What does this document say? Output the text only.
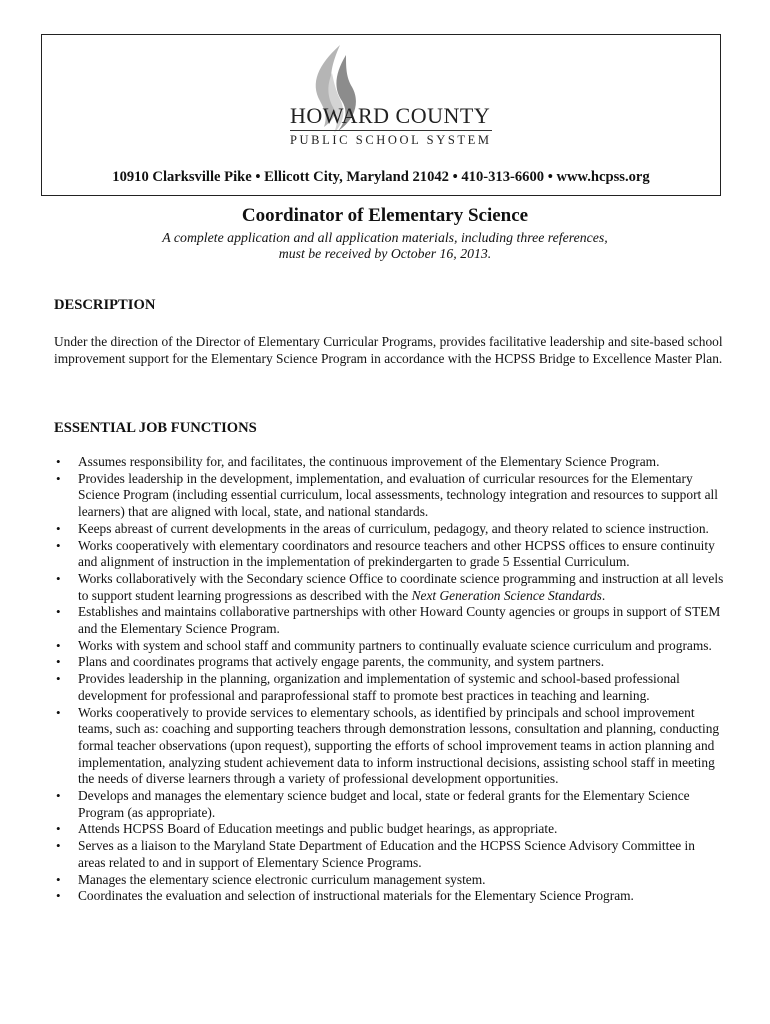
HOWARD COUNTY
PUBLIC SCHOOL SYSTEM
10910 Clarksville Pike • Ellicott City, Maryland 21042 • 410-313-6600 • www.hcpss.org
Coordinator of Elementary Science
A complete application and all application materials, including three references,
must be received by October 16, 2013.
DESCRIPTION
Under the direction of the Director of Elementary Curricular Programs, provides facilitative leadership and site-based school improvement support for the Elementary Science Program in accordance with the HCPSS Bridge to Excellence Master Plan.
ESSENTIAL JOB FUNCTIONS
• Assumes responsibility for, and facilitates, the continuous improvement of the Elementary Science Program.
• Provides leadership in the development, implementation, and evaluation of curricular resources for the Elementary Science Program (including essential curriculum, local assessments, technology integration and resources to support all learners) that are aligned with local, state, and national standards.
• Keeps abreast of current developments in the areas of curriculum, pedagogy, and theory related to science instruction.
• Works cooperatively with elementary coordinators and resource teachers and other HCPSS offices to ensure continuity and alignment of instruction in the implementation of prekindergarten to grade 5 Essential Curriculum.
• Works collaboratively with the Secondary science Office to coordinate science programming and instruction at all levels to support student learning progressions as described with the Next Generation Science Standards.
• Establishes and maintains collaborative partnerships with other Howard County agencies or groups in support of STEM and the Elementary Science Program.
• Works with system and school staff and community partners to continually evaluate science curriculum and programs.
• Plans and coordinates programs that actively engage parents, the community, and system partners.
• Provides leadership in the planning, organization and implementation of systemic and school-based professional development for professional and paraprofessional staff to promote best practices in teaching and learning.
• Works cooperatively to provide services to elementary schools, as identified by principals and school improvement teams, such as: coaching and supporting teachers through demonstration lessons, consultation and planning, conducting formal teacher observations (upon request), supporting the efforts of school improvement teams in action planning and implementation, analyzing student achievement data to inform instructional decisions, assisting school staff in meeting the needs of diverse learners through a variety of professional development opportunities.
• Develops and manages the elementary science budget and local, state or federal grants for the Elementary Science Program (as appropriate).
• Attends HCPSS Board of Education meetings and public budget hearings, as appropriate.
• Serves as a liaison to the Maryland State Department of Education and the HCPSS Science Advisory Committee in areas related to and in support of Elementary Science Programs.
• Manages the elementary science electronic curriculum management system.
• Coordinates the evaluation and selection of instructional materials for the Elementary Science Program.
